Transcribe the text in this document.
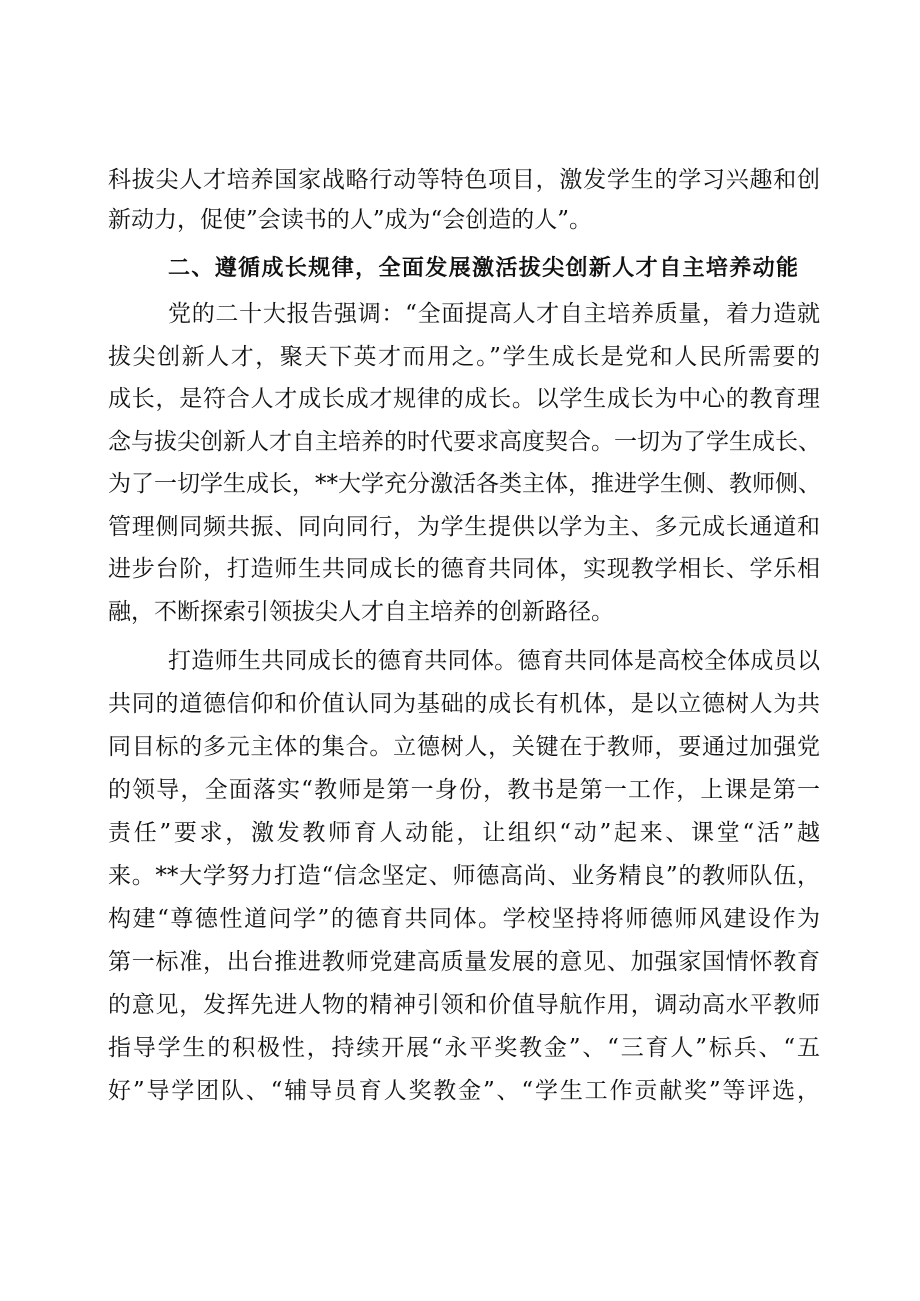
科拔尖人才培养国家战略行动等特色项目，激发学生的学习兴趣和创
新动力，促使”会读书的人”成为“会创造的人”。
二、遵循成长规律，全面发展激活拔尖创新人才自主培养动能
党的二十大报告强调：“全面提高人才自主培养质量，着力造就
拔尖创新人才，聚天下英才而用之。”学生成长是党和人民所需要的
成长，是符合人才成长成才规律的成长。以学生成长为中心的教育理
念与拔尖创新人才自主培养的时代要求高度契合。一切为了学生成长、
为了一切学生成长，**大学充分激活各类主体，推进学生侧、教师侧、
管理侧同频共振、同向同行，为学生提供以学为主、多元成长通道和
进步台阶，打造师生共同成长的德育共同体，实现教学相长、学乐相
融，不断探索引领拔尖人才自主培养的创新路径。
打造师生共同成长的德育共同体。德育共同体是高校全体成员以
共同的道德信仰和价值认同为基础的成长有机体，是以立德树人为共
同目标的多元主体的集合。立德树人，关键在于教师，要通过加强党
的领导，全面落实“教师是第一身份，教书是第一工作，上课是第一
责任”要求，激发教师育人动能，让组织“动”起来、课堂“活”越
来。**大学努力打造“信念坚定、师德高尚、业务精良”的教师队伍，
构建“尊德性道问学”的德育共同体。学校坚持将师德师风建设作为
第一标准，出台推进教师党建高质量发展的意见、加强家国情怀教育
的意见，发挥先进人物的精神引领和价值导航作用，调动高水平教师
指导学生的积极性，持续开展“永平奖教金”、“三育人”标兵、“五
好”导学团队、“辅导员育人奖教金”、“学生工作贡献奖”等评选，
